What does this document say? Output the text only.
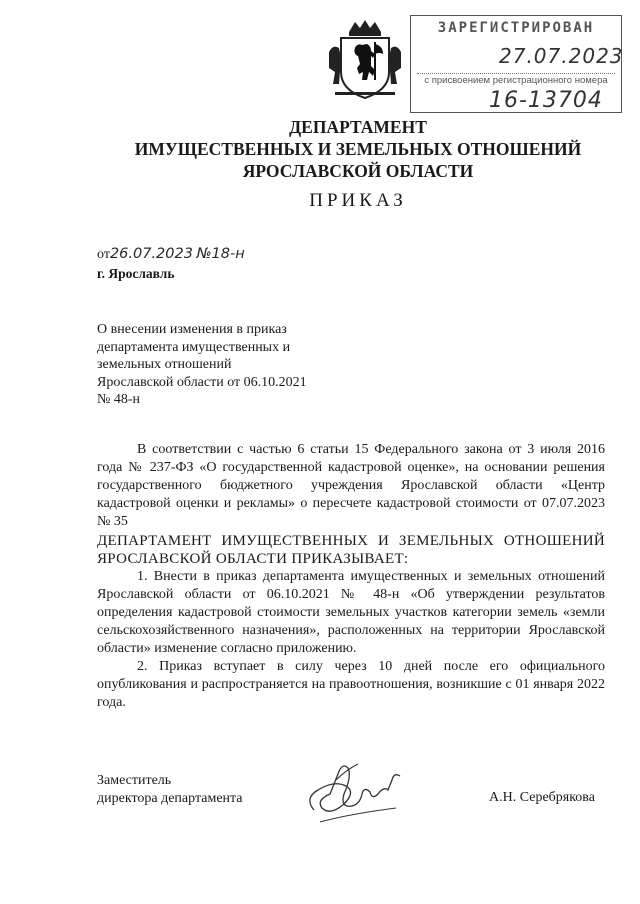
ЗАРЕГИСТРИРОВАН
27.07.2023
с присвоением регистрационного номера
16-13704
ДЕПАРТАМЕНТ
ИМУЩЕСТВЕННЫХ И ЗЕМЕЛЬНЫХ ОТНОШЕНИЙ
ЯРОСЛАВСКОЙ ОБЛАСТИ
ПРИКАЗ
от26.07.2023 №18-н
г. Ярославль
О внесении изменения в приказ
департамента имущественных и
земельных отношений
Ярославской области от 06.10.2021
№ 48-н

В соответствии с частью 6 статьи 15 Федерального закона от 3 июля 2016 года № 237-ФЗ «О государственной кадастровой оценке», на основании решения государственного бюджетного учреждения Ярославской области «Центр кадастровой оценки и рекламы» о пересчете кадастровой стоимости от 07.07.2023 № 35

ДЕПАРТАМЕНТ ИМУЩЕСТВЕННЫХ И ЗЕМЕЛЬНЫХ ОТНОШЕНИЙ ЯРОСЛАВСКОЙ ОБЛАСТИ ПРИКАЗЫВАЕТ:

1. Внести в приказ департамента имущественных и земельных отношений Ярославской области от 06.10.2021 № 48-н «Об утверждении результатов определения кадастровой стоимости земельных участков категории земель «земли сельскохозяйственного назначения», расположенных на территории Ярославской области» изменение согласно приложению.

2. Приказ вступает в силу через 10 дней после его официального опубликования и распространяется на правоотношения, возникшие с 01 января 2022 года.

Заместитель
директора департамента	А.Н. Серебрякова
